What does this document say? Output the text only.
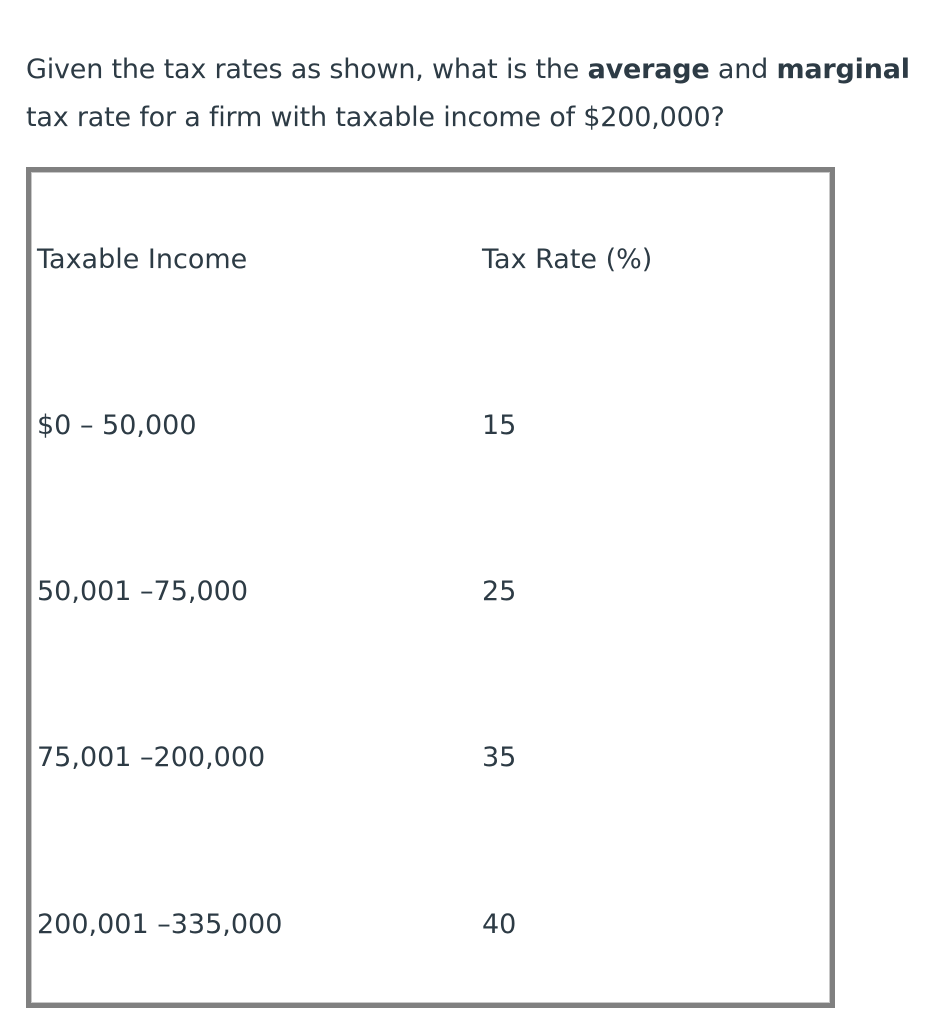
Given the tax rates as shown, what is the average and marginal
tax rate for a firm with taxable income of $200,000?
Taxable Income	Tax Rate (%)
$0 – 50,000	15
50,001 –75,000	25
75,001 –200,000	35
200,001 –335,000	40
